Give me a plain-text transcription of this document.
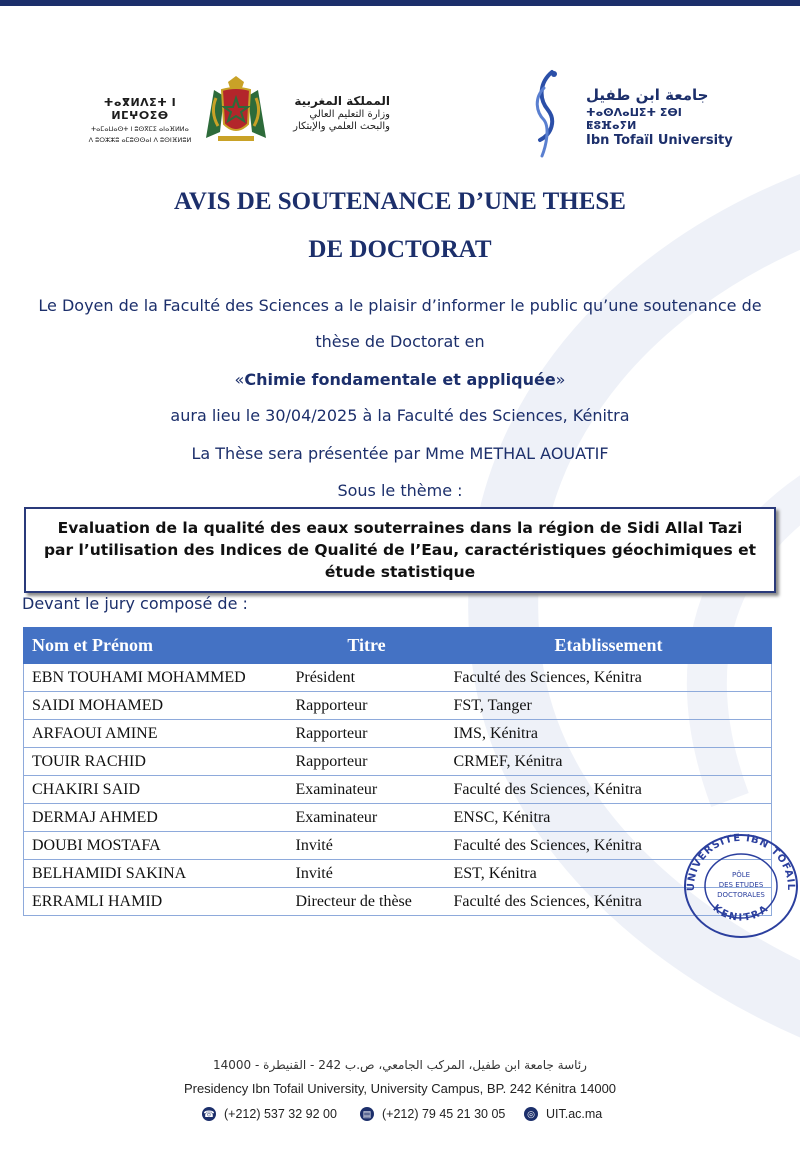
ⵜⴰⴳⵍⴷⵉⵜ ⵏ ⵍⵎⵖⵔⵉⴱ
ⵜⴰⵎⴰⵡⴰⵙⵜ ⵏ ⵓⵙⴳⵎⵉ ⴰⵏⴰⴼⵍⵍⴰ
ⴷ ⵓⵔⵣⵣⵓ ⴰⵎⵓⵙⵙⴰⵏ ⴷ ⵓⵙⵏⴼⵍⵓⵍ
المملكة المغربية
وزارة التعليم العالي
والبحث العلمي والإبتكار
جامعة ابن طفيل
ⵜⴰⵙⴷⴰⵡⵉⵜ ⵉⴱⵏ ⵟⵓⴼⴰⵢⵍ
Ibn Tofaïl University
AVIS DE SOUTENANCE D’UNE THESE
DE DOCTORAT
Le Doyen de la Faculté des Sciences a le plaisir d’informer le public qu’une soutenance de
thèse de Doctorat en
«Chimie fondamentale et appliquée»
aura lieu le 30/04/2025 à la Faculté des Sciences, Kénitra
La Thèse sera présentée par Mme METHAL AOUATIF
Sous le thème :
Evaluation de la qualité des eaux souterraines dans la région de Sidi Allal Tazi par l’utilisation des Indices de Qualité de l’Eau, caractéristiques géochimiques et étude statistique
Devant le jury composé de :
Nom et Prénom	Titre	Etablissement
EBN TOUHAMI MOHAMMED	Président	Faculté des Sciences, Kénitra
SAIDI MOHAMED	Rapporteur	FST, Tanger
ARFAOUI AMINE	Rapporteur	IMS, Kénitra
TOUIR RACHID	Rapporteur	CRMEF, Kénitra
CHAKIRI SAID	Examinateur	Faculté des Sciences, Kénitra
DERMAJ AHMED	Examinateur	ENSC, Kénitra
DOUBI MOSTAFA	Invité	Faculté des Sciences, Kénitra
BELHAMIDI SAKINA	Invité	EST, Kénitra
ERRAMLI HAMID	Directeur de thèse	Faculté des Sciences, Kénitra
UNIVERSITE IBN TOFAIL
KENITRA
PÔLE
DES ETUDES
DOCTORALES
رئاسة جامعة ابن طفيل، المركب الجامعي، ص.ب 242 - القنيطرة - 14000
Presidency Ibn Tofail University, University Campus, BP. 242 Kénitra 14000
☎ (+212) 537 32 92 00	▤ (+212) 79 45 21 30 05	◎ UIT.ac.ma
